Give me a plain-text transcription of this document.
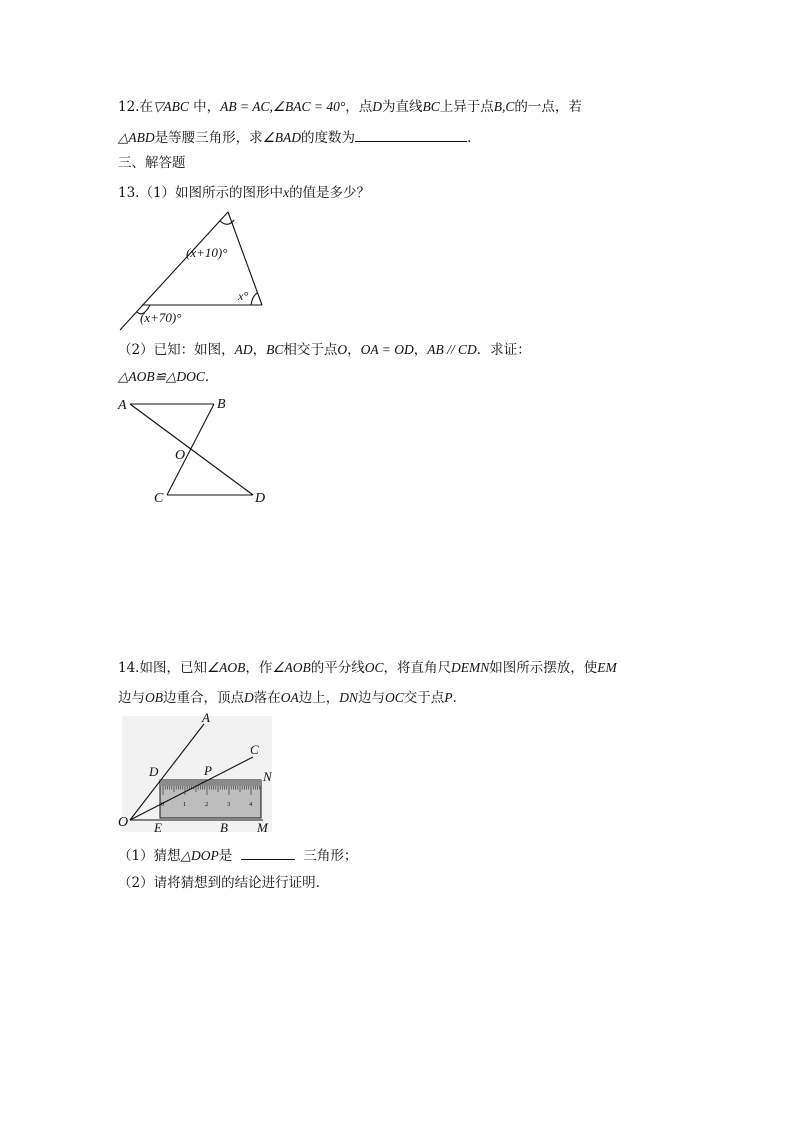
12.在▽ABC 中，AB = AC,∠BAC = 40°，点D为直线BC上异于点B,C的一点，若
△ABD是等腰三角形，求∠BAD的度数为	.
三、解答题
13.（1）如图所示的图形中x的值是多少？
(x+10)°
x°
(x+70)°
（2）已知：如图，AD，BC相交于点O，OA = OD，AB // CD．求证：
△AOB≌△DOC．
A	B
O
C	D
14.如图，已知∠AOB，作∠AOB的平分线OC，将直角尺DEMN如图所示摆放，使EM
边与OB边重合，顶点D落在OA边上，DN边与OC交于点P.
0	1	2	3	4
A
C
D	P	N
O E	B M
（1）猜想△DOP是	三角形；
（2）请将猜想到的结论进行证明.
